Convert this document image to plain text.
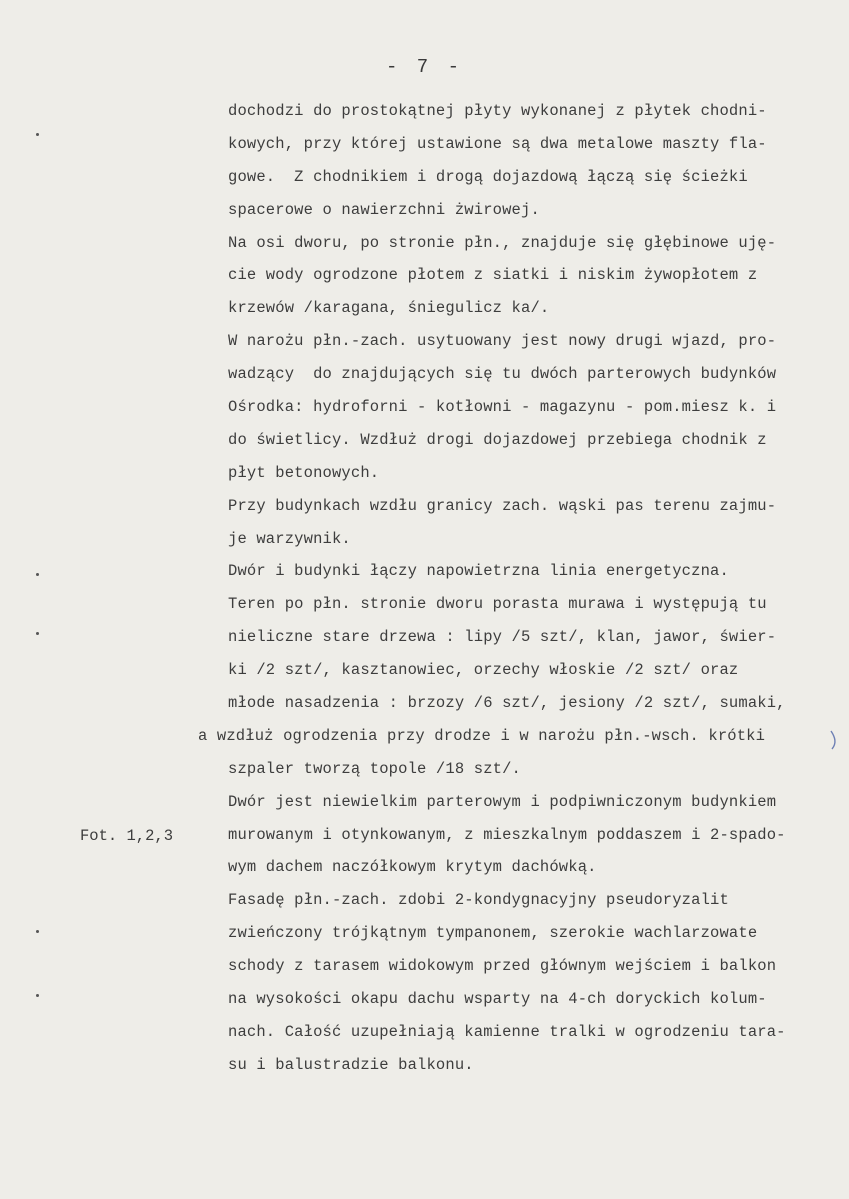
- 7 -
Fot. 1,2,3
dochodzi do prostokątnej płyty wykonanej z płytek chodni-
kowych, przy której ustawione są dwa metalowe maszty fla-
gowe.  Z chodnikiem i drogą dojazdową łączą się ścieżki
spacerowe o nawierzchni żwirowej.
Na osi dworu, po stronie płn., znajduje się głębinowe uję-
cie wody ogrodzone płotem z siatki i niskim żywopłotem z
krzewów /karagana, śniegulicz ka/.
W narożu płn.-zach. usytuowany jest nowy drugi wjazd, pro-
wadzący  do znajdujących się tu dwóch parterowych budynków
Ośrodka: hydroforni - kotłowni - magazynu - pom.miesz k. i
do świetlicy. Wzdłuż drogi dojazdowej przebiega chodnik z
płyt betonowych.
Przy budynkach wzdłu granicy zach. wąski pas terenu zajmu-
je warzywnik.
Dwór i budynki łączy napowietrzna linia energetyczna.
Teren po płn. stronie dworu porasta murawa i występują tu
nieliczne stare drzewa : lipy /5 szt/, klan, jawor, świer-
ki /2 szt/, kasztanowiec, orzechy włoskie /2 szt/ oraz
młode nasadzenia : brzozy /6 szt/, jesiony /2 szt/, sumaki,
a wzdłuż ogrodzenia przy drodze i w narożu płn.-wsch. krótki
szpaler tworzą topole /18 szt/.
Dwór jest niewielkim parterowym i podpiwniczonym budynkiem
murowanym i otynkowanym, z mieszkalnym poddaszem i 2-spado-
wym dachem naczółkowym krytym dachówką.
Fasadę płn.-zach. zdobi 2-kondygnacyjny pseudoryzalit
zwieńczony trójkątnym tympanonem, szerokie wachlarzowate
schody z tarasem widokowym przed głównym wejściem i balkon
na wysokości okapu dachu wsparty na 4-ch doryckich kolum-
nach. Całość uzupełniają kamienne tralki w ogrodzeniu tara-
su i balustradzie balkonu.
